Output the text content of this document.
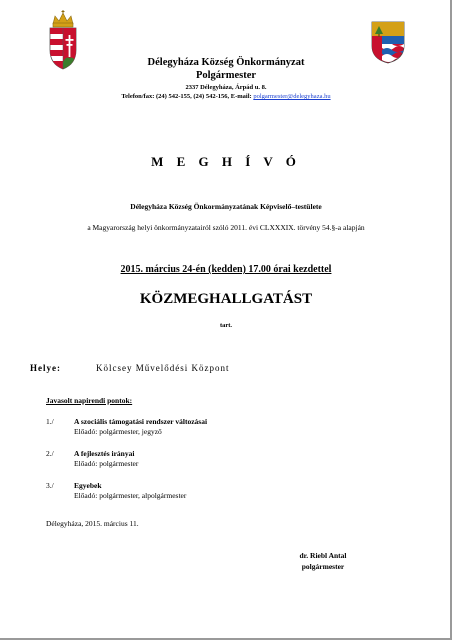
Délegyháza Község Önkormányzat
Polgármester
2337 Délegyháza, Árpád u. 8.
Telefon/fax: (24) 542-155, (24) 542-156, E-mail: polgarmester@delegyhaza.hu
M E G H Í V Ó
Délegyháza Község Önkormányzatának Képviselő–testülete
a Magyarország helyi önkormányzatairól szóló 2011. évi CLXXXIX. törvény 54.§-a alapján
2015. március 24-én (kedden) 17.00 órai kezdettel
KÖZMEGHALLGATÁST
tart.
Helye:	Kölcsey Művelődési Központ
Javasolt napirendi pontok:
1./	A szociális támogatási rendszer változásai
Előadó: polgármester, jegyző
2./	A fejlesztés irányai
Előadó: polgármester
3./	Egyebek
Előadó: polgármester, alpolgármester
Délegyháza, 2015. március 11.
dr. Riebl Antal
polgármester
